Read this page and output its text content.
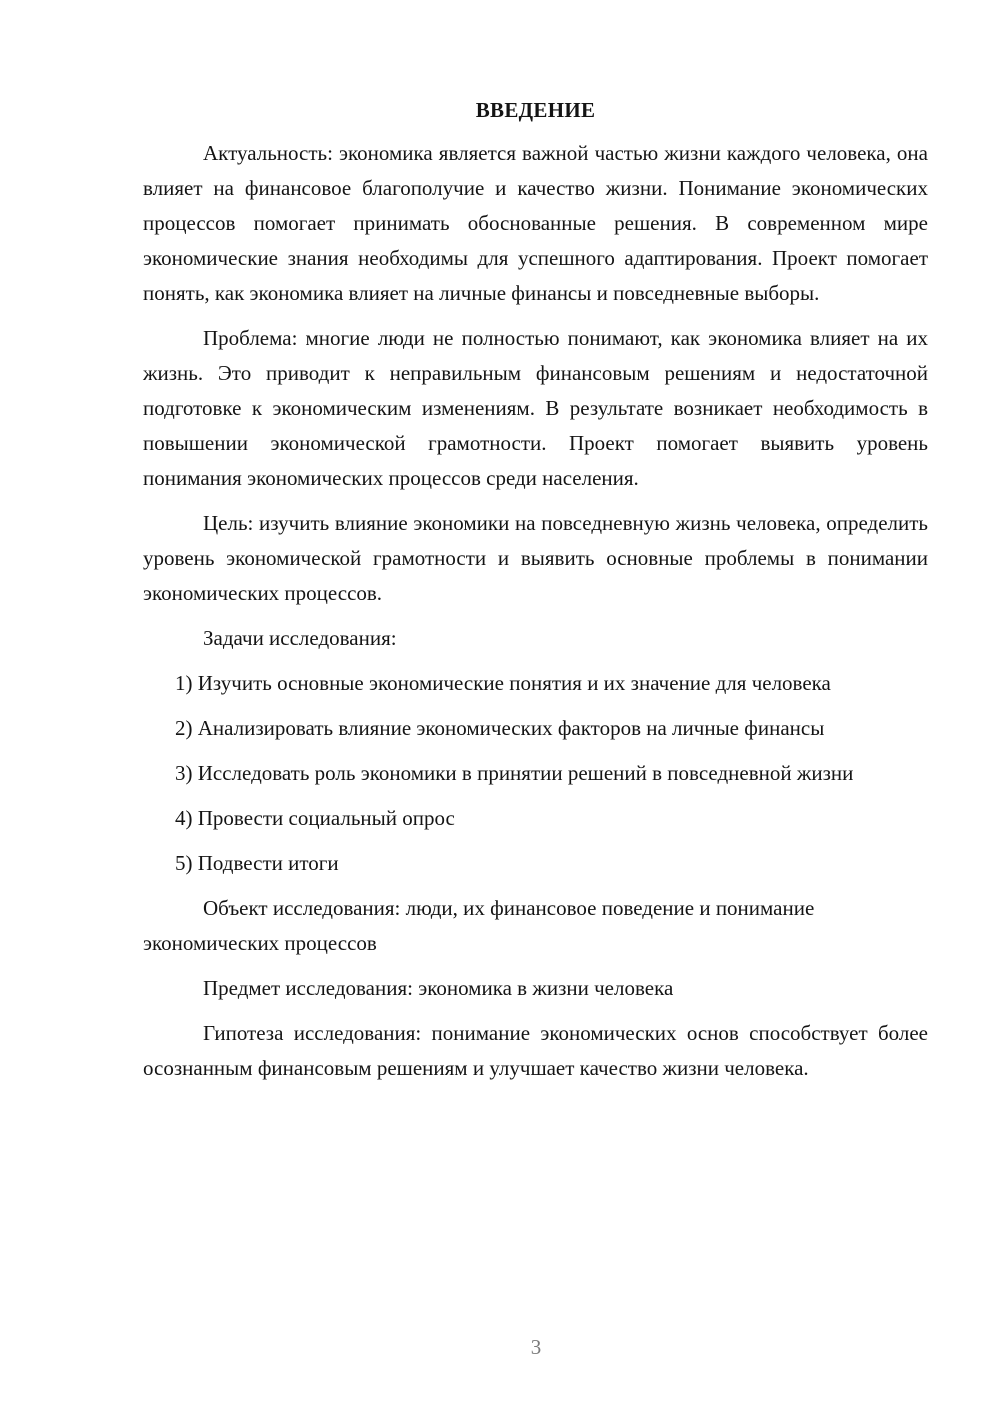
ВВЕДЕНИЕ

Актуальность: экономика является важной частью жизни каждого человека, она влияет на финансовое благополучие и качество жизни. Понимание экономических процессов помогает принимать обоснованные решения. В современном мире экономические знания необходимы для успешного адаптирования. Проект помогает понять, как экономика влияет на личные финансы и повседневные выборы.

Проблема: многие люди не полностью понимают, как экономика влияет на их жизнь. Это приводит к неправильным финансовым решениям и недостаточной подготовке к экономическим изменениям. В результате возникает необходимость в повышении экономической грамотности. Проект помогает выявить уровень понимания экономических процессов среди населения.

Цель: изучить влияние экономики на повседневную жизнь человека, определить уровень экономической грамотности и выявить основные проблемы в понимании экономических процессов.

Задачи исследования:

1) Изучить основные экономические понятия и их значение для человека

2) Анализировать влияние экономических факторов на личные финансы

3) Исследовать роль экономики в принятии решений в повседневной жизни

4) Провести социальный опрос

5) Подвести итоги

Объект исследования: люди, их финансовое поведение и понимание экономических процессов

Предмет исследования: экономика в жизни человека

Гипотеза исследования: понимание экономических основ способствует более осознанным финансовым решениям и улучшает качество жизни человека.

3
